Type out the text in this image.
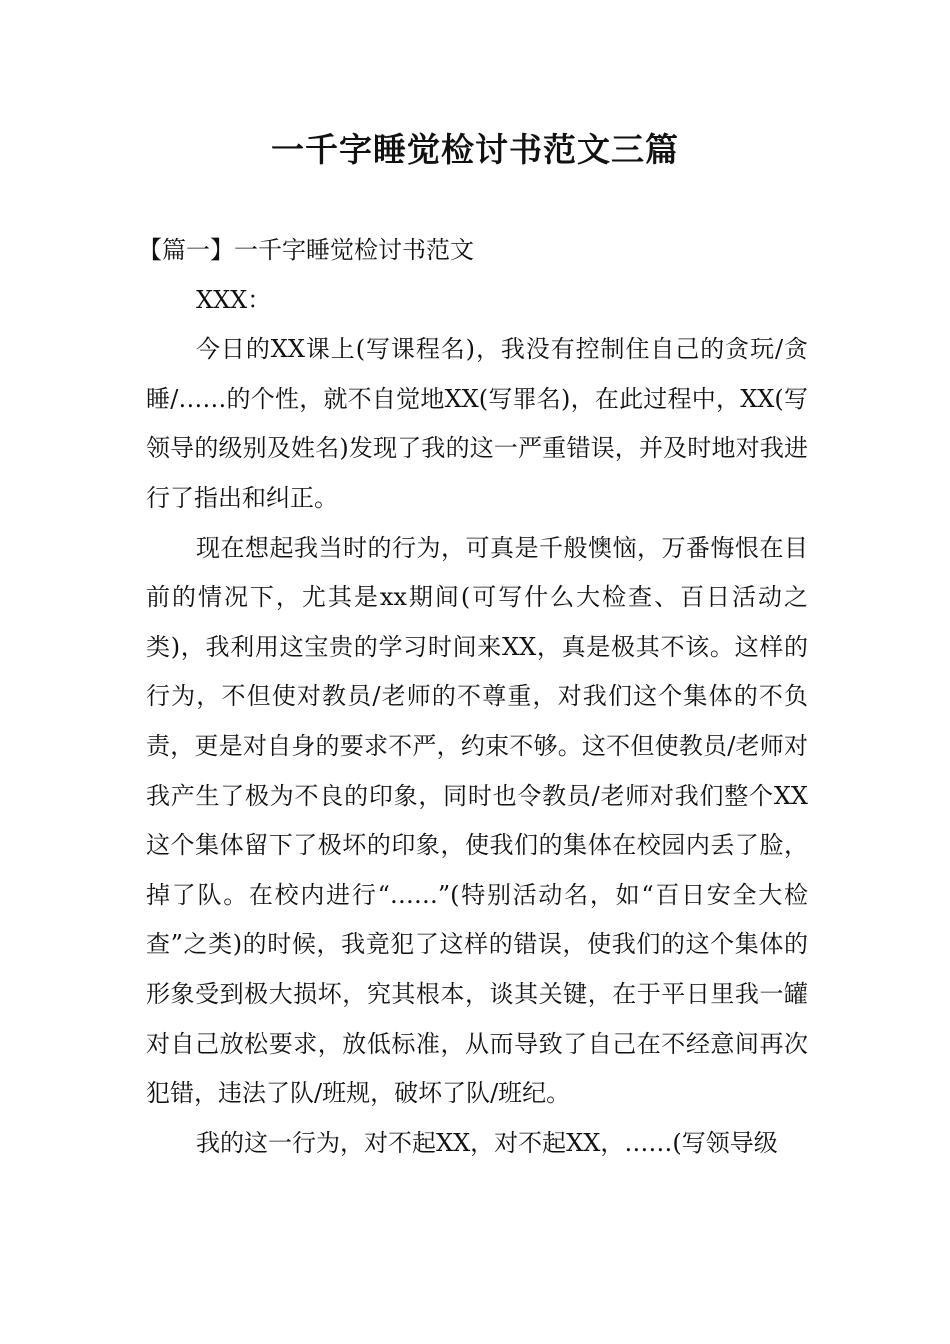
一千字睡觉检讨书范文三篇

【篇一】一千字睡觉检讨书范文

XXX：

今日的XX课上(写课程名)，我没有控制住自己的贪玩/贪睡/……的个性，就不自觉地XX(写罪名)，在此过程中，XX(写领导的级别及姓名)发现了我的这一严重错误，并及时地对我进行了指出和纠正。

现在想起我当时的行为，可真是千般懊恼，万番悔恨在目前的情况下，尤其是xx期间(可写什么大检查、百日活动之类)，我利用这宝贵的学习时间来XX，真是极其不该。这样的行为，不但使对教员/老师的不尊重，对我们这个集体的不负责，更是对自身的要求不严，约束不够。这不但使教员/老师对我产生了极为不良的印象，同时也令教员/老师对我们整个XX这个集体留下了极坏的印象，使我们的集体在校园内丢了脸，掉了队。在校内进行“……”(特别活动名，如“百日安全大检查”之类)的时候，我竟犯了这样的错误，使我们的这个集体的形象受到极大损坏，究其根本，谈其关键，在于平日里我一罐对自己放松要求，放低标准，从而导致了自己在不经意间再次犯错，违法了队/班规，破坏了队/班纪。

我的这一行为，对不起XX，对不起XX，……(写领导级
